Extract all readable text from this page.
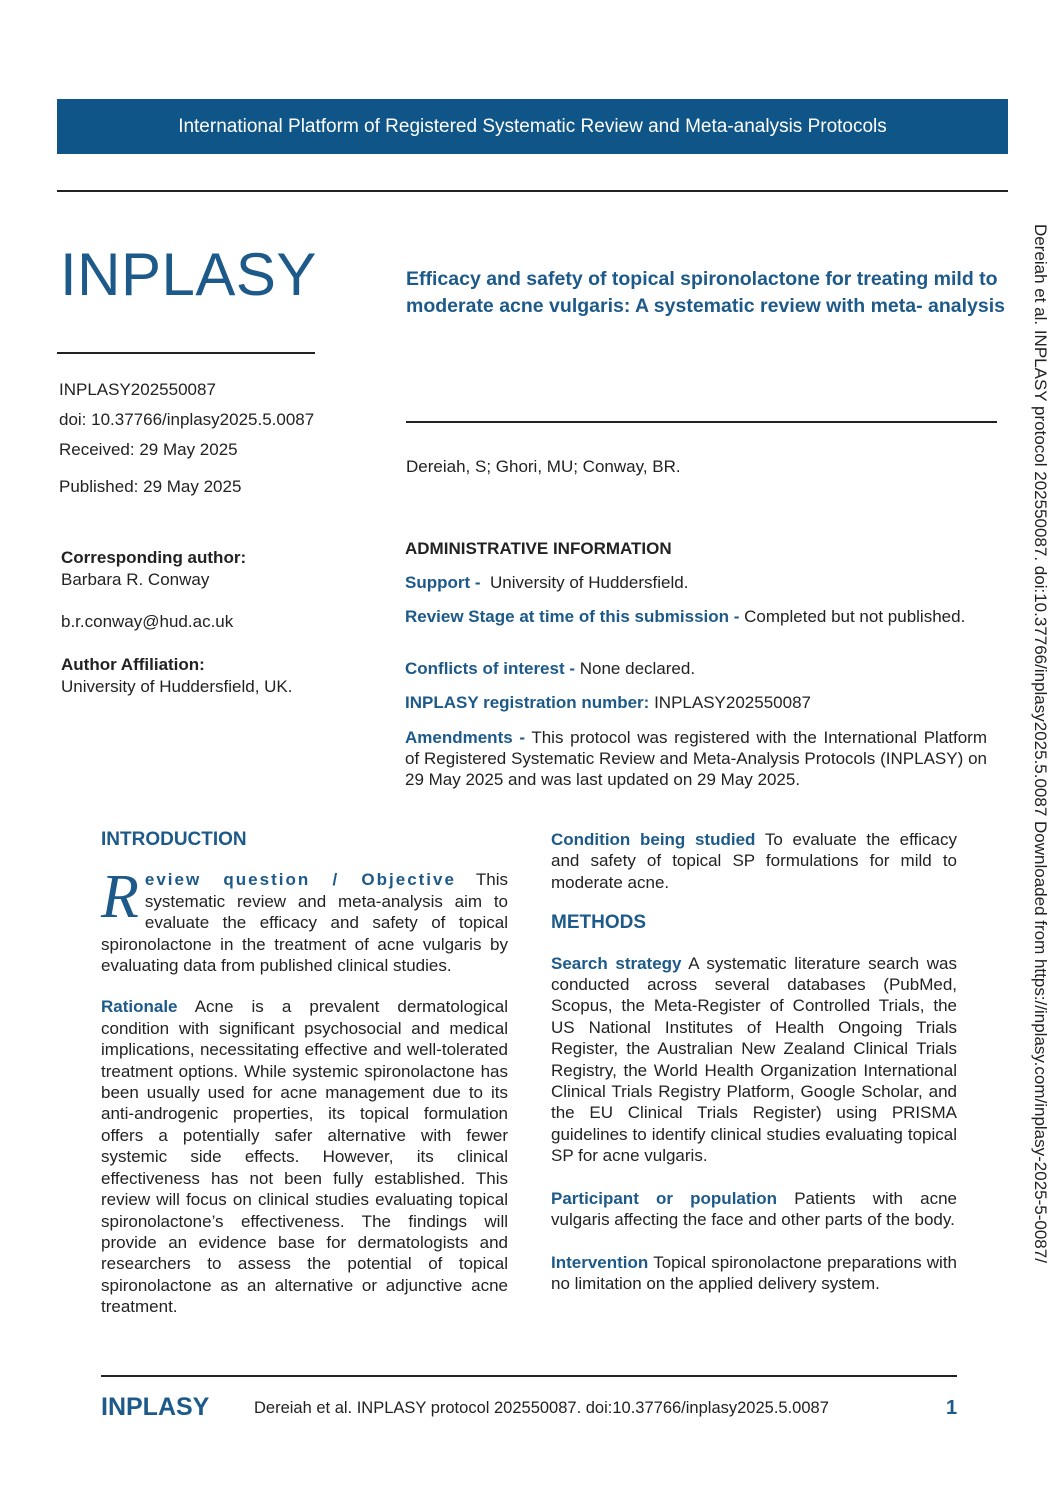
International Platform of Registered Systematic Review and Meta-analysis Protocols
INPLASY
INPLASY202550087
doi: 10.37766/inplasy2025.5.0087
Received: 29 May 2025
Published: 29 May 2025
Efficacy and safety of topical spironolactone for treating mild to moderate acne vulgaris: A systematic review with meta- analysis
Dereiah, S; Ghori, MU; Conway, BR.
Corresponding author:
Barbara R. Conway
b.r.conway@hud.ac.uk
Author Affiliation:
University of Huddersfield, UK.
ADMINISTRATIVE INFORMATION
Support - University of Huddersfield.
Review Stage at time of this submission - Completed but not published.
Conflicts of interest - None declared.
INPLASY registration number: INPLASY202550087
Amendments - This protocol was registered with the International Platform of Registered Systematic Review and Meta-Analysis Protocols (INPLASY) on 29 May 2025 and was last updated on 29 May 2025.
INTRODUCTION

Review question / Objective This systematic review and meta-analysis aim to evaluate the efficacy and safety of topical spironolactone in the treatment of acne vulgaris by evaluating data from published clinical studies.

Rationale Acne is a prevalent dermatological condition with significant psychosocial and medical implications, necessitating effective and well-tolerated treatment options. While systemic spironolactone has been usually used for acne management due to its anti-androgenic properties, its topical formulation offers a potentially safer alternative with fewer systemic side effects. However, its clinical effectiveness has not been fully established. This review will focus on clinical studies evaluating topical spironolactone’s effectiveness. The findings will provide an evidence base for dermatologists and researchers to assess the potential of topical spironolactone as an alternative or adjunctive acne treatment.

Condition being studied To evaluate the efficacy and safety of topical SP formulations for mild to moderate acne.

METHODS

Search strategy A systematic literature search was conducted across several databases (PubMed, Scopus, the Meta-Register of Controlled Trials, the US National Institutes of Health Ongoing Trials Register, the Australian New Zealand Clinical Trials Registry, the World Health Organization International Clinical Trials Registry Platform, Google Scholar, and the EU Clinical Trials Register) using PRISMA guidelines to identify clinical studies evaluating topical SP for acne vulgaris.

Participant or population Patients with acne vulgaris affecting the face and other parts of the body.

Intervention Topical spironolactone preparations with no limitation on the applied delivery system.

Dereiah et al. INPLASY protocol 202550087. doi:10.37766/inplasy2025.5.0087 Downloaded from https://inplasy.com/inplasy-2025-5-0087/
INPLASY	Dereiah et al. INPLASY protocol 202550087. doi:10.37766/inplasy2025.5.0087	1
